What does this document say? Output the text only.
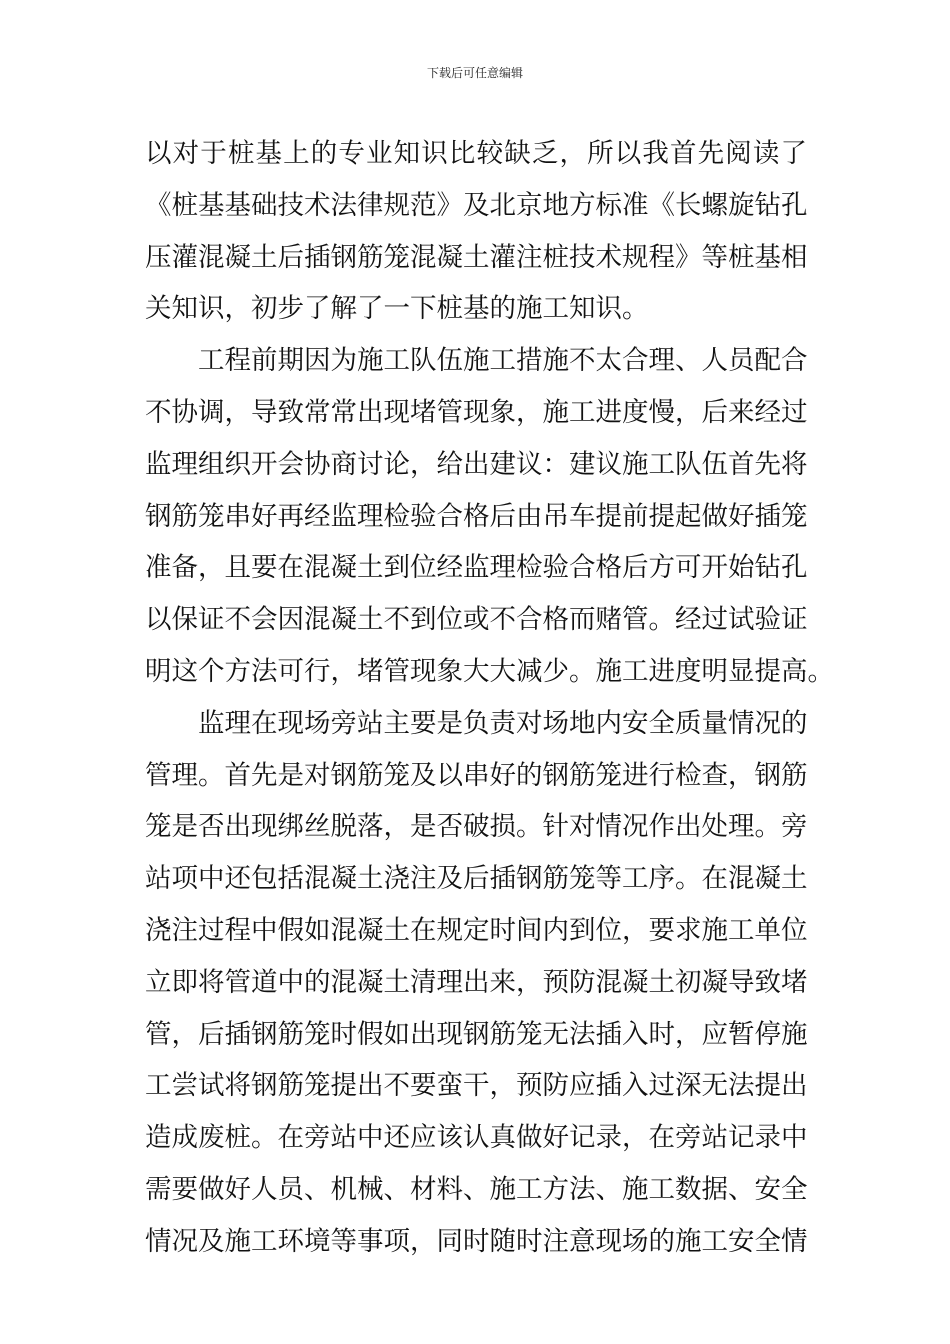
下载后可任意编辑
以对于桩基上的专业知识比较缺乏，所以我首先阅读了
《桩基基础技术法律规范》及北京地方标准《长螺旋钻孔
压灌混凝土后插钢筋笼混凝土灌注桩技术规程》等桩基相
关知识，初步了解了一下桩基的施工知识。
　　工程前期因为施工队伍施工措施不太合理、人员配合
不协调，导致常常出现堵管现象，施工进度慢，后来经过
监理组织开会协商讨论，给出建议：建议施工队伍首先将
钢筋笼串好再经监理检验合格后由吊车提前提起做好插笼
准备，且要在混凝土到位经监理检验合格后方可开始钻孔
以保证不会因混凝土不到位或不合格而赌管。经过试验证
明这个方法可行，堵管现象大大减少。施工进度明显提高。
　　监理在现场旁站主要是负责对场地内安全质量情况的
管理。首先是对钢筋笼及以串好的钢筋笼进行检查，钢筋
笼是否出现绑丝脱落，是否破损。针对情况作出处理。旁
站项中还包括混凝土浇注及后插钢筋笼等工序。在混凝土
浇注过程中假如混凝土在规定时间内到位，要求施工单位
立即将管道中的混凝土清理出来，预防混凝土初凝导致堵
管，后插钢筋笼时假如出现钢筋笼无法插入时，应暂停施
工尝试将钢筋笼提出不要蛮干，预防应插入过深无法提出
造成废桩。在旁站中还应该认真做好记录，在旁站记录中
需要做好人员、机械、材料、施工方法、施工数据、安全
情况及施工环境等事项，同时随时注意现场的施工安全情
